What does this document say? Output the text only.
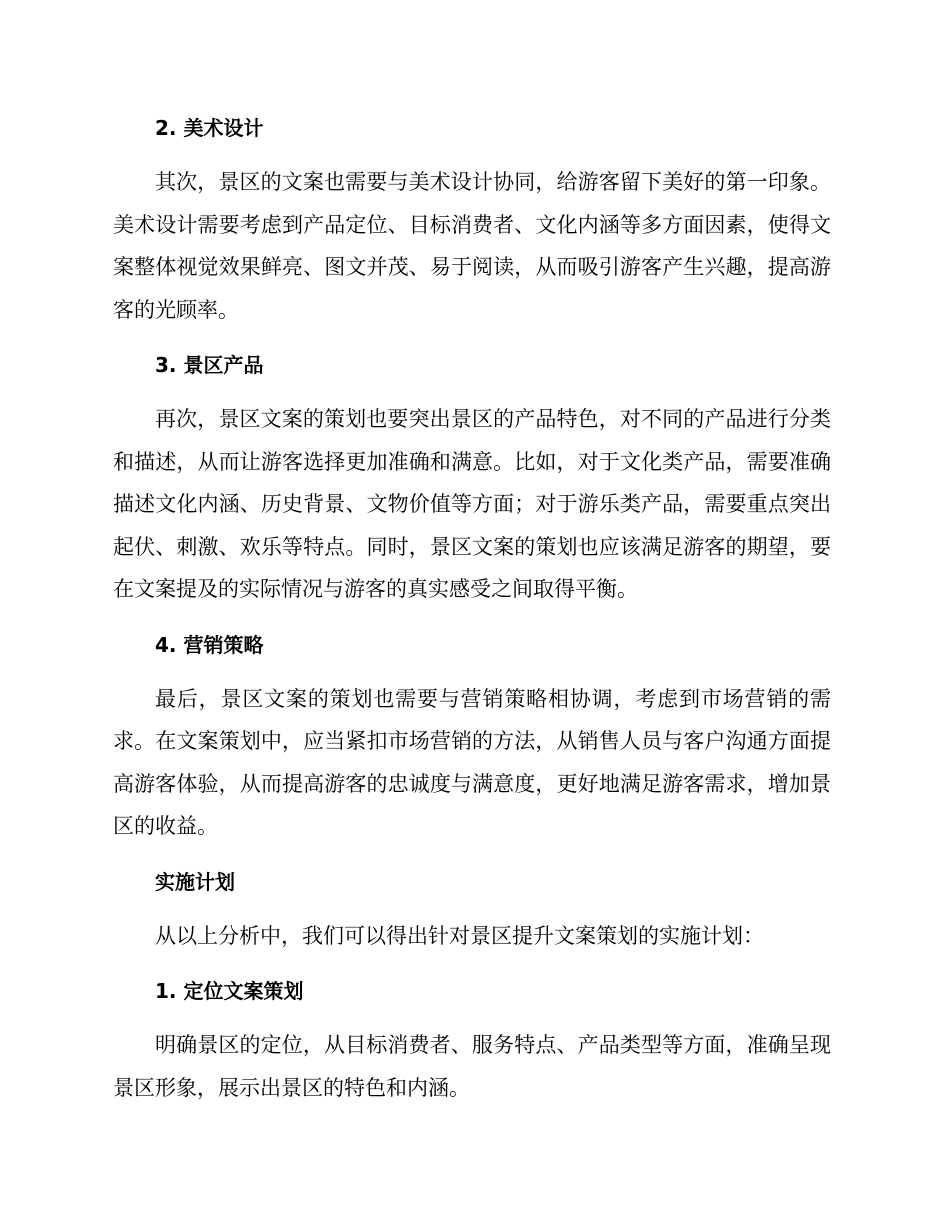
2. 美术设计

其次，景区的文案也需要与美术设计协同，给游客留下美好的第一印象。美术设计需要考虑到产品定位、目标消费者、文化内涵等多方面因素，使得文案整体视觉效果鲜亮、图文并茂、易于阅读，从而吸引游客产生兴趣，提高游客的光顾率。

3. 景区产品

再次，景区文案的策划也要突出景区的产品特色，对不同的产品进行分类和描述，从而让游客选择更加准确和满意。比如，对于文化类产品，需要准确描述文化内涵、历史背景、文物价值等方面；对于游乐类产品，需要重点突出起伏、刺激、欢乐等特点。同时，景区文案的策划也应该满足游客的期望，要在文案提及的实际情况与游客的真实感受之间取得平衡。

4. 营销策略

最后，景区文案的策划也需要与营销策略相协调，考虑到市场营销的需求。在文案策划中，应当紧扣市场营销的方法，从销售人员与客户沟通方面提高游客体验，从而提高游客的忠诚度与满意度，更好地满足游客需求，增加景区的收益。

实施计划

从以上分析中，我们可以得出针对景区提升文案策划的实施计划：

1. 定位文案策划

明确景区的定位，从目标消费者、服务特点、产品类型等方面，准确呈现景区形象，展示出景区的特色和内涵。
